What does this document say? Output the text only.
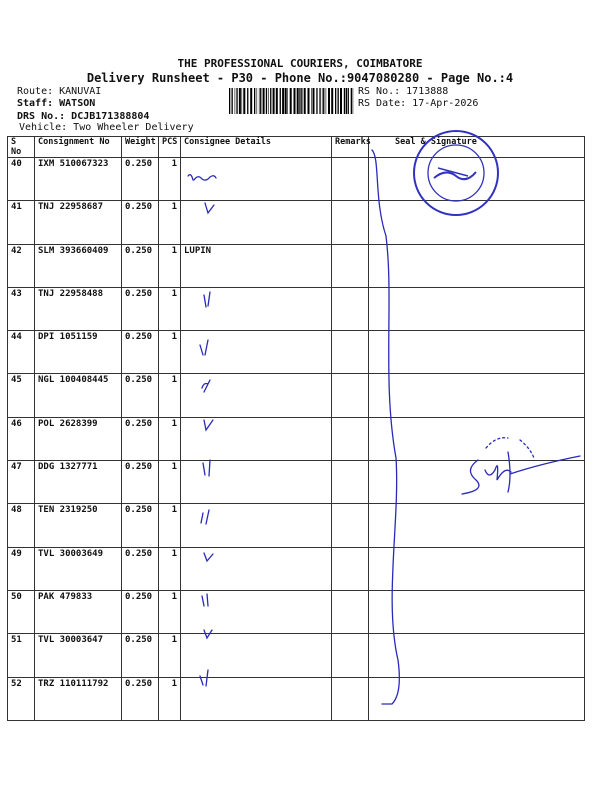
THE PROFESSIONAL COURIERS, COIMBATORE
Delivery Runsheet - P30 - Phone No.:9047080280 - Page No.:4
Route: KANUVAI
Staff: WATSON
DRS No.: DCJB171388804
Vehicle: Two Wheeler Delivery
RS No.: 1713888
RS Date: 17-Apr-2026
S No	Consignment No	Weight	PCS	Consignee Details	Remarks	Seal & Signature
40	IXM 510067323	0.250	1			
41	TNJ 22958687	0.250	1			
42	SLM 393660409	0.250	1	LUPIN		
43	TNJ 22958488	0.250	1			
44	DPI 1051159	0.250	1			
45	NGL 100408445	0.250	1			
46	POL 2628399	0.250	1			
47	DDG 1327771	0.250	1			
48	TEN 2319250	0.250	1			
49	TVL 30003649	0.250	1			
50	PAK 479833	0.250	1			
51	TVL 30003647	0.250	1			
52	TRZ 110111792	0.250	1			
